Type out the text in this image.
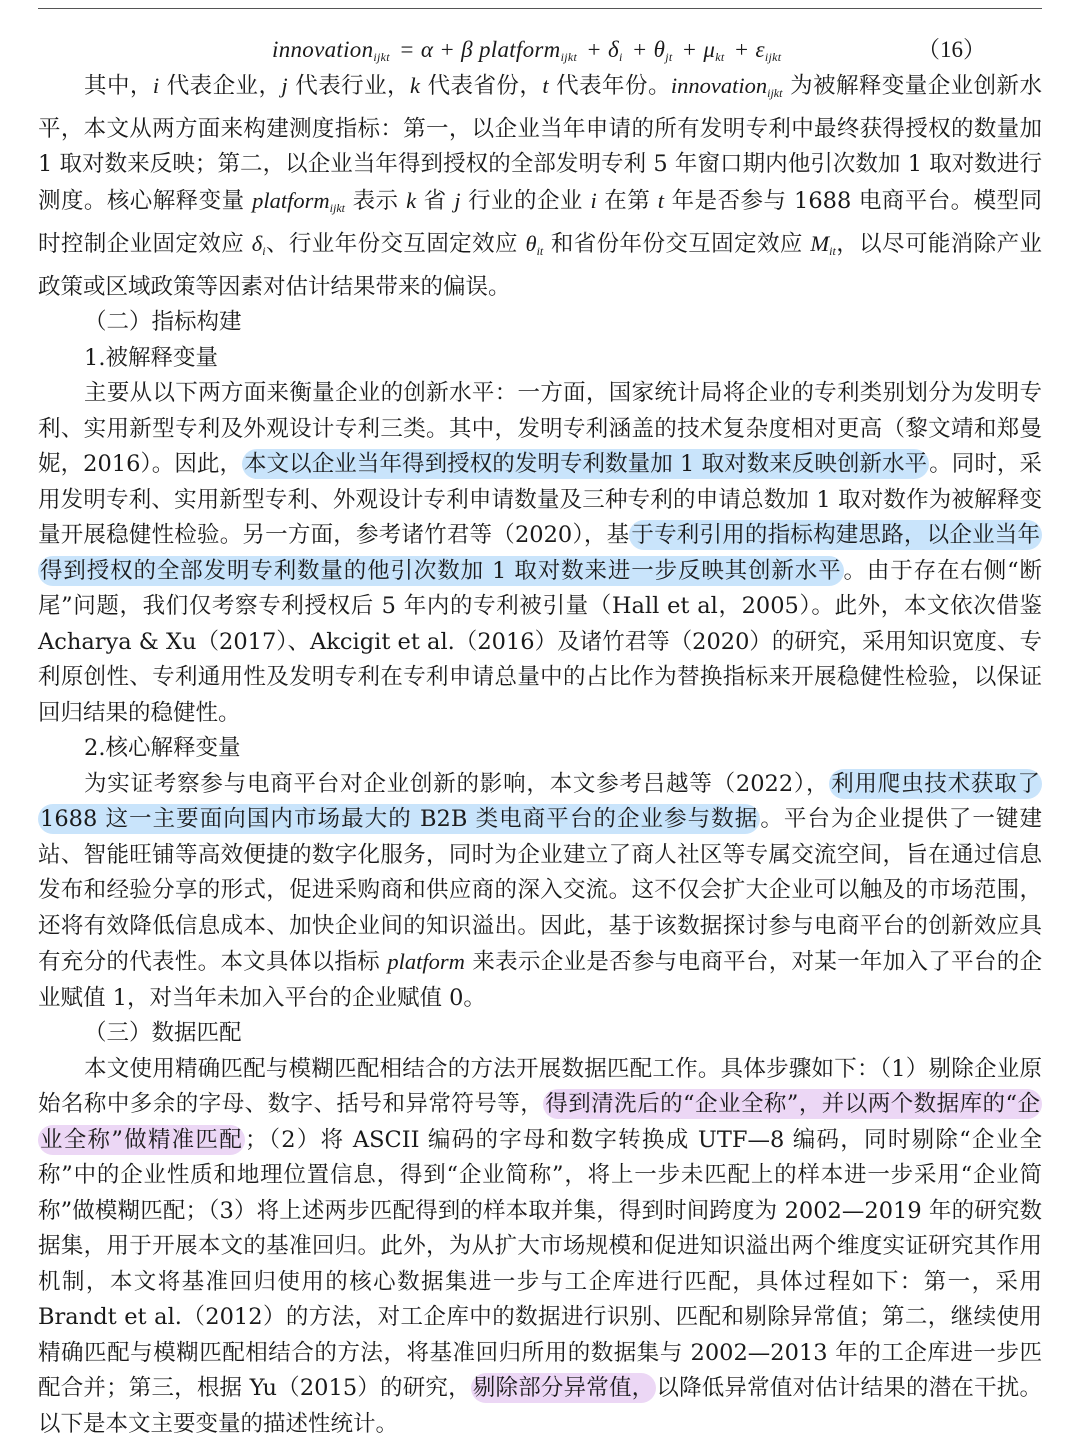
innovation$_{ijkt}$ = α + β platform$_{ijkt}$ + $\delta_i + \theta_{jt} + \mu_{kt} + \varepsilon_{ijkt}$	（16）

其中，i 代表企业，j 代表行业，k 代表省份，t 代表年份。innovation$_{ijkt}$ 为被解释变量企业创新水平，本文从两方面来构建测度指标：第一，以企业当年申请的所有发明专利中最终获得授权的数量加 1 取对数来反映；第二，以企业当年得到授权的全部发明专利 5 年窗口期内他引次数加 1 取对数进行测度。核心解释变量 platform$_{ijkt}$ 表示 k 省 j 行业的企业 i 在第 t 年是否参与 1688 电商平台。模型同时控制企业固定效应 $\delta_i$、行业年份交互固定效应 $\theta_{it}$ 和省份年份交互固定效应 $M_{it}$，以尽可能消除产业政策或区域政策等因素对估计结果带来的偏误。

（二）指标构建

1.被解释变量

主要从以下两方面来衡量企业的创新水平：一方面，国家统计局将企业的专利类别划分为发明专利、实用新型专利及外观设计专利三类。其中，发明专利涵盖的技术复杂度相对更高（黎文靖和郑曼妮，2016）。因此，本文以企业当年得到授权的发明专利数量加 1 取对数来反映创新水平。同时，采用发明专利、实用新型专利、外观设计专利申请数量及三种专利的申请总数加 1 取对数作为被解释变量开展稳健性检验。另一方面，参考诸竹君等（2020），基于专利引用的指标构建思路，以企业当年得到授权的全部发明专利数量的他引次数加 1 取对数来进一步反映其创新水平。由于存在右侧“断尾”问题，我们仅考察专利授权后 5 年内的专利被引量（Hall et al，2005）。此外，本文依次借鉴 Acharya & Xu（2017）、Akcigit et al.（2016）及诸竹君等（2020）的研究，采用知识宽度、专利原创性、专利通用性及发明专利在专利申请总量中的占比作为替换指标来开展稳健性检验，以保证回归结果的稳健性。

2.核心解释变量

为实证考察参与电商平台对企业创新的影响，本文参考吕越等（2022），利用爬虫技术获取了 1688 这一主要面向国内市场最大的 B2B 类电商平台的企业参与数据。平台为企业提供了一键建站、智能旺铺等高效便捷的数字化服务，同时为企业建立了商人社区等专属交流空间，旨在通过信息发布和经验分享的形式，促进采购商和供应商的深入交流。这不仅会扩大企业可以触及的市场范围，还将有效降低信息成本、加快企业间的知识溢出。因此，基于该数据探讨参与电商平台的创新效应具有充分的代表性。本文具体以指标 platform 来表示企业是否参与电商平台，对某一年加入了平台的企业赋值 1，对当年未加入平台的企业赋值 0。

（三）数据匹配

本文使用精确匹配与模糊匹配相结合的方法开展数据匹配工作。具体步骤如下：（1）剔除企业原始名称中多余的字母、数字、括号和异常符号等，得到清洗后的“企业全称”，并以两个数据库的“企业全称”做精准匹配；（2）将 ASCII 编码的字母和数字转换成 UTF—8 编码，同时剔除“企业全称”中的企业性质和地理位置信息，得到“企业简称”，将上一步未匹配上的样本进一步采用“企业简称”做模糊匹配；（3）将上述两步匹配得到的样本取并集，得到时间跨度为 2002—2019 年的研究数据集，用于开展本文的基准回归。此外，为从扩大市场规模和促进知识溢出两个维度实证研究其作用机制，本文将基准回归使用的核心数据集进一步与工企库进行匹配，具体过程如下：第一，采用 Brandt et al.（2012）的方法，对工企库中的数据进行识别、匹配和剔除异常值；第二，继续使用精确匹配与模糊匹配相结合的方法，将基准回归所用的数据集与 2002—2013 年的工企库进一步匹配合并；第三，根据 Yu（2015）的研究，剔除部分异常值，以降低异常值对估计结果的潜在干扰。以下是本文主要变量的描述性统计。
